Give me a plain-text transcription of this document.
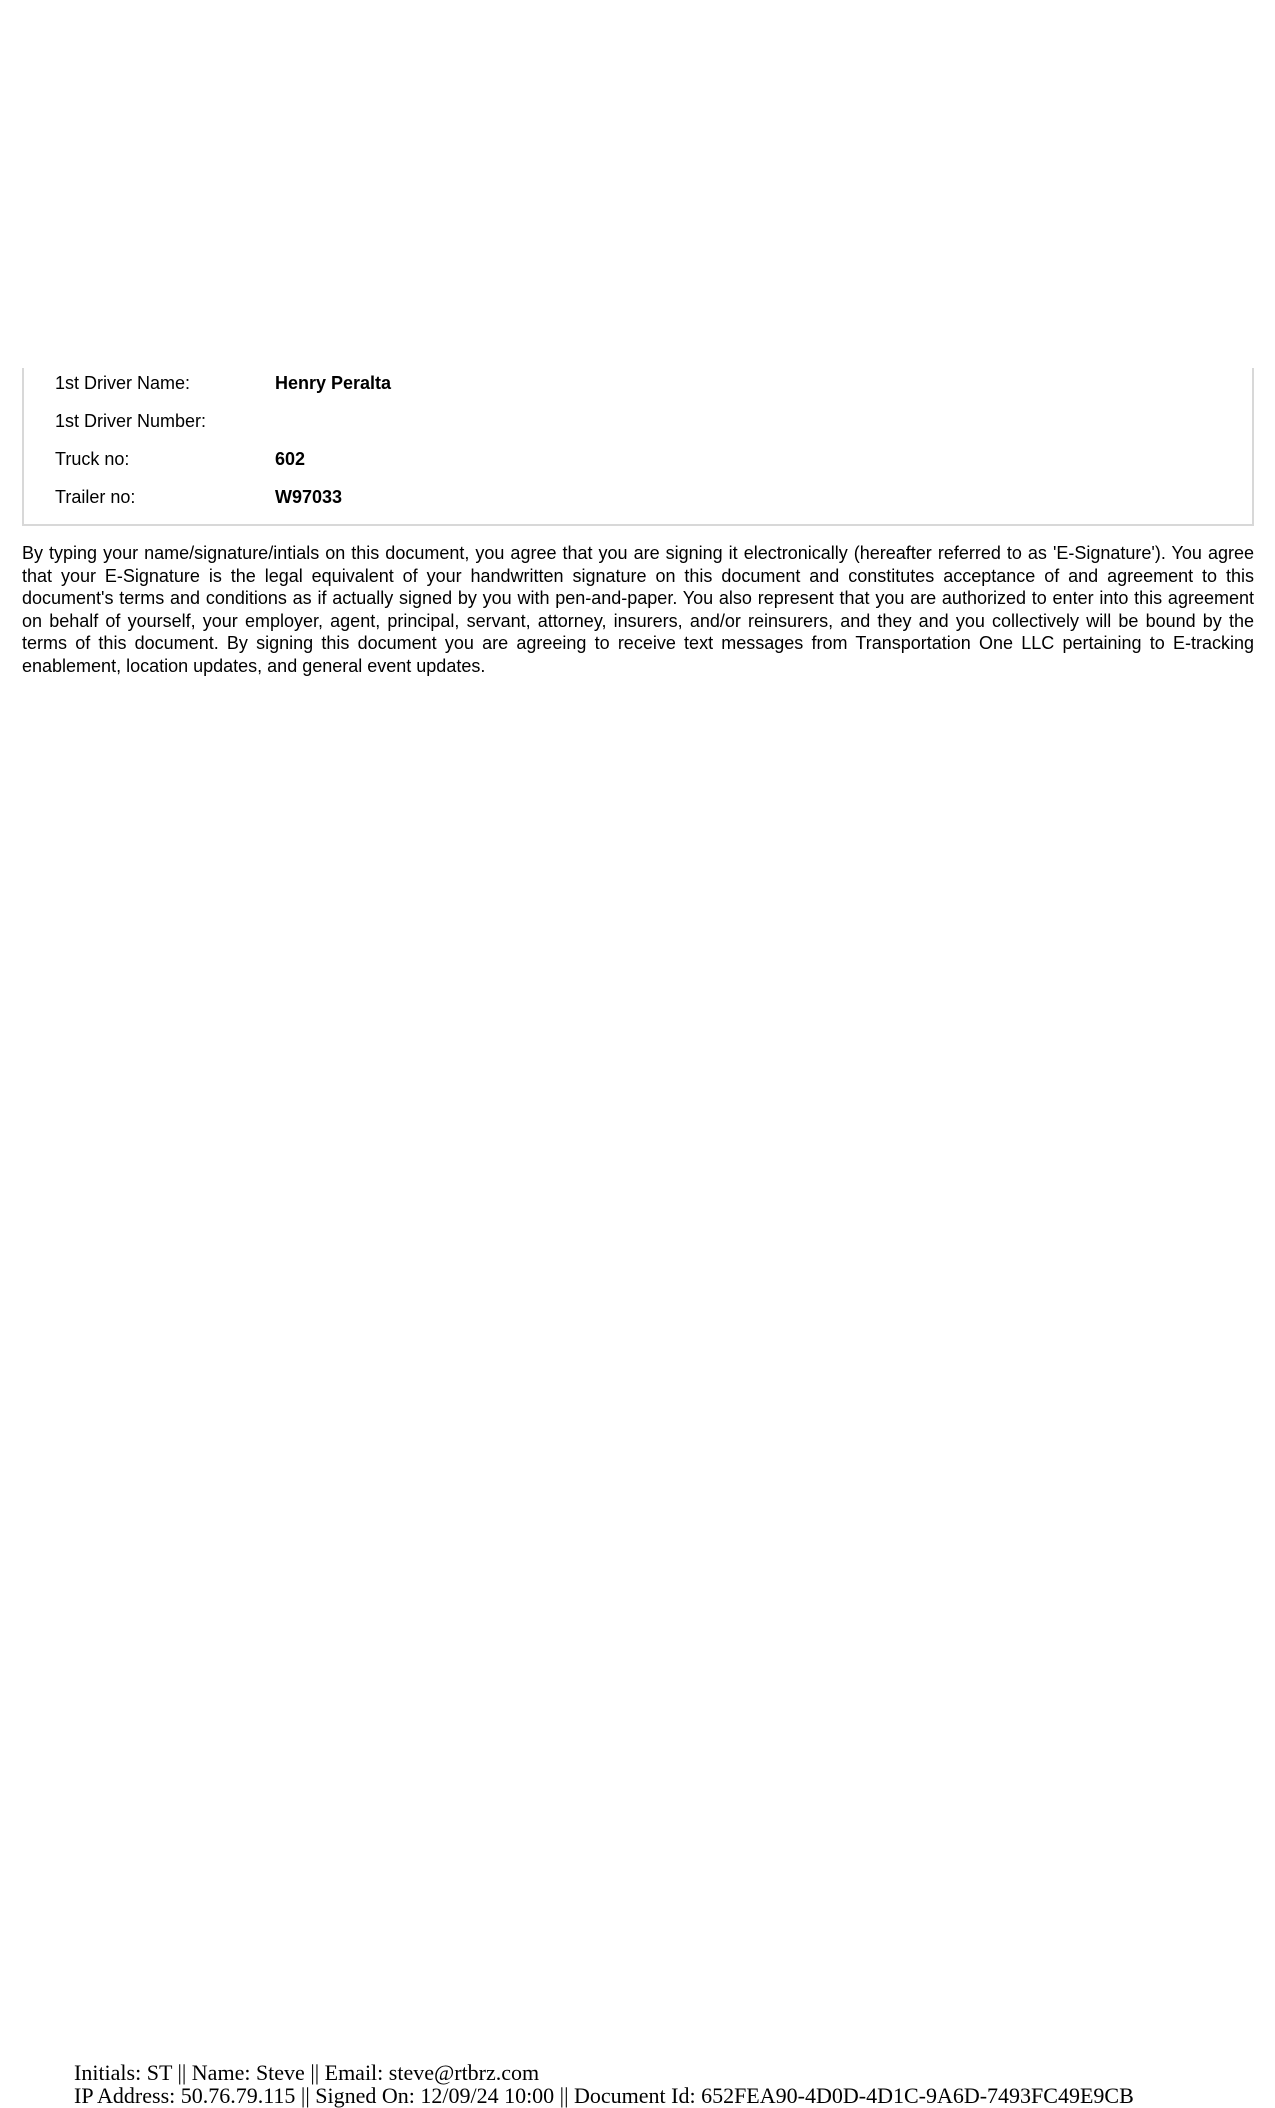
1st Driver Name:	Henry Peralta
1st Driver Number:
Truck no:	602
Trailer no:	W97033

By typing your name/signature/intials on this document, you agree that you are signing it electronically (hereafter referred to as 'E-Signature'). You agree that your E-Signature is the legal equivalent of your handwritten signature on this document and constitutes acceptance of and agreement to this document's terms and conditions as if actually signed by you with pen-and-paper. You also represent that you are authorized to enter into this agreement on behalf of yourself, your employer, agent, principal, servant, attorney, insurers, and/or reinsurers, and they and you collectively will be bound by the terms of this document. By signing this document you are agreeing to receive text messages from Transportation One LLC pertaining to E-tracking enablement, location updates, and general event updates.

Initials: ST || Name: Steve || Email: steve@rtbrz.com
IP Address: 50.76.79.115 || Signed On: 12/09/24 10:00 || Document Id: 652FEA90-4D0D-4D1C-9A6D-7493FC49E9CB
